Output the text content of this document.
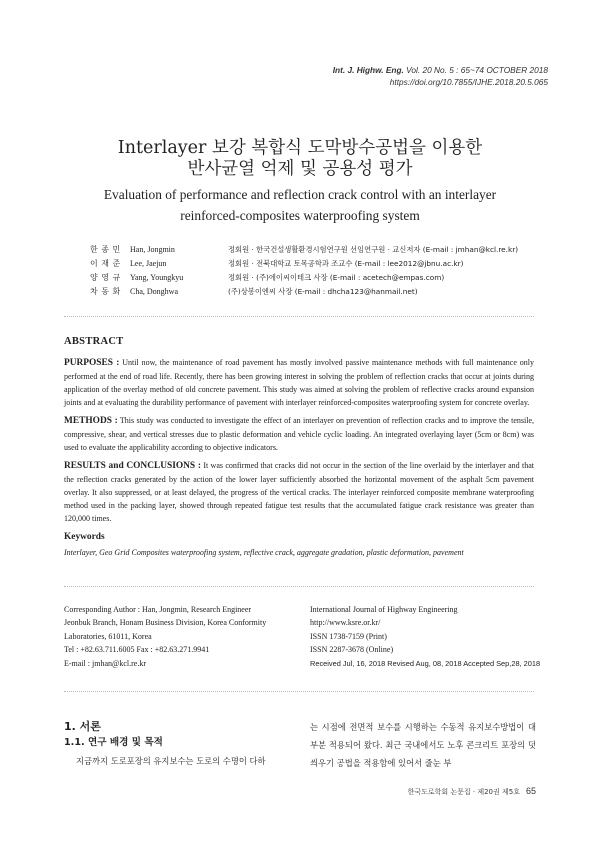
Int. J. Highw. Eng. Vol. 20 No. 5 : 65~74 OCTOBER 2018
https://doi.org/10.7855/IJHE.2018.20.5.065
Interlayer 보강 복합식 도막방수공법을 이용한
반사균열 억제 및 공용성 평가
Evaluation of performance and reflection crack control with an interlayer
reinforced-composites waterproofing system
한 종 민	Han, Jongmin	정회원 · 한국건설생활환경시험연구원 선임연구원 · 교신저자 (E-mail : jmhan@kcl.re.kr)
이 재 준	Lee, Jaejun	정회원 · 전북대학교 토목공학과 조교수 (E-mail : lee2012@jbnu.ac.kr)
양 영 규	Yang, Youngkyu	정회원 · (주)에이씨이테크 사장 (E-mail : acetech@empas.com)
차 동 화	Cha, Donghwa	(주)상봉이엔씨 사장 (E-mail : dhcha123@hanmail.net)
ABSTRACT

PURPOSES : Until now, the maintenance of road pavement has mostly involved passive maintenance methods with full maintenance only performed at the end of road life. Recently, there has been growing interest in solving the problem of reflection cracks that occur at joints during application of the overlay method of old concrete pavement. This study was aimed at solving the problem of reflective cracks around expansion joints and at evaluating the durability performance of pavement with interlayer reinforced-composites waterproofing system for concrete overlay.

METHODS : This study was conducted to investigate the effect of an interlayer on prevention of reflection cracks and to improve the tensile, compressive, shear, and vertical stresses due to plastic deformation and vehicle cyclic loading. An integrated overlaying layer (5cm or 8cm) was used to evaluate the applicability according to objective indicators.

RESULTS and CONCLUSIONS : It was confirmed that cracks did not occur in the section of the line overlaid by the interlayer and that the reflection cracks generated by the action of the lower layer sufficiently absorbed the horizontal movement of the asphalt 5cm pavement overlay. It also suppressed, or at least delayed, the progress of the vertical cracks. The interlayer reinforced composite membrane waterproofing method used in the packing layer, showed through repeated fatigue test results that the accumulated fatigue crack resistance was greater than 120,000 times.

Keywords
Interlayer, Geo Grid Composites waterproofing system, reflective crack, aggregate gradation, plastic deformation, pavement
Corresponding Author : Han, Jongmin, Research Engineer
Jeonbuk Branch, Honam Business Division, Korea Conformity
Laboratories, 61011, Korea
Tel : +82.63.711.6005 Fax : +82.63.271.9941
E-mail : jmhan@kcl.re.kr
International Journal of Highway Engineering
http://www.ksre.or.kr/
ISSN 1738-7159 (Print)
ISSN 2287-3678 (Online)
Received Jul, 16, 2018 Revised Aug, 08, 2018 Accepted Sep,28, 2018
1. 서론
1.1. 연구 배경 및 목적
지금까지 도로포장의 유지보수는 도로의 수명이 다하
는 시점에 전면적 보수를 시행하는 수동적 유지보수방법이 대부분 적용되어 왔다. 최근 국내에서도 노후 콘크리트 포장의 덧씌우기 공법을 적용함에 있어서 줄눈 부
한국도로학회 논문집 · 제20권 제5호 65
